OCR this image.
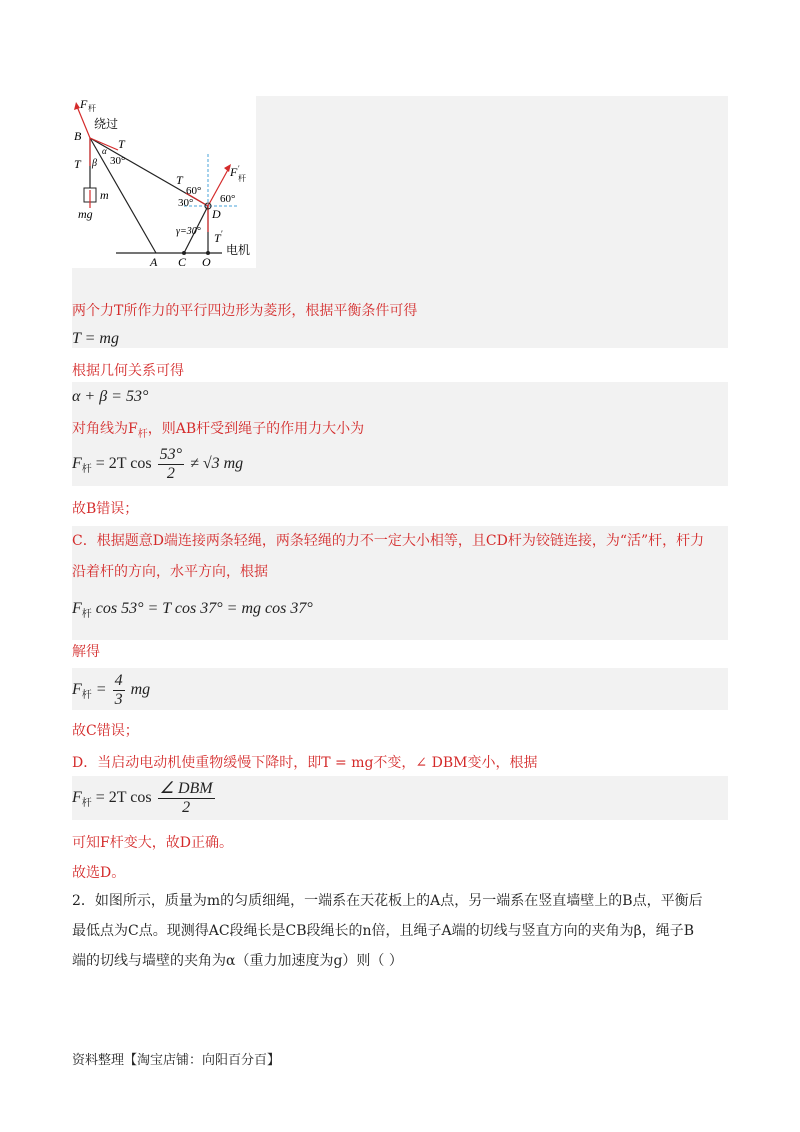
F 杆
B
绕过
α
β
T
T
30°
m
mg
T
60°
F ′
杆
30° 60°
D
γ=30° T ′
电机
A C O
两个力T所作力的平行四边形为菱形，根据平衡条件可得
T = mg
根据几何关系可得
α + β = 53°
对角线为$F_杆$，则AB杆受到绳子的作用力大小为
$F_杆 = 2T$ $\cos \frac{53^\circ}{2} \ne √3$ mg
故B错误；
C．根据题意D端连接两条轻绳，两条轻绳的力不一定大小相等，且CD杆为铰链连接，为“活”杆，杆力
沿着杆的方向，水平方向，根据
$F_杆$ cos 53° = T cos 37° = mg cos 37°
解得
$F_杆 = \frac{4}{3}$ mg
故C错误；
D．当启动电动机使重物缓慢下降时，即T = mg不变，∠ DBM变小，根据
$F_杆 = 2T$ $\cos \frac{\text{∠ DBM}}{2}$
可知F杆变大，故D正确。
故选D。
2．如图所示，质量为m的匀质细绳，一端系在天花板上的A点，另一端系在竖直墙壁上的B点，平衡后
最低点为C点。现测得AC段绳长是CB段绳长的n倍，且绳子A端的切线与竖直方向的夹角为β，绳子B
端的切线与墙壁的夹角为α（重力加速度为g）则（ ）
资料整理【淘宝店铺：向阳百分百】
